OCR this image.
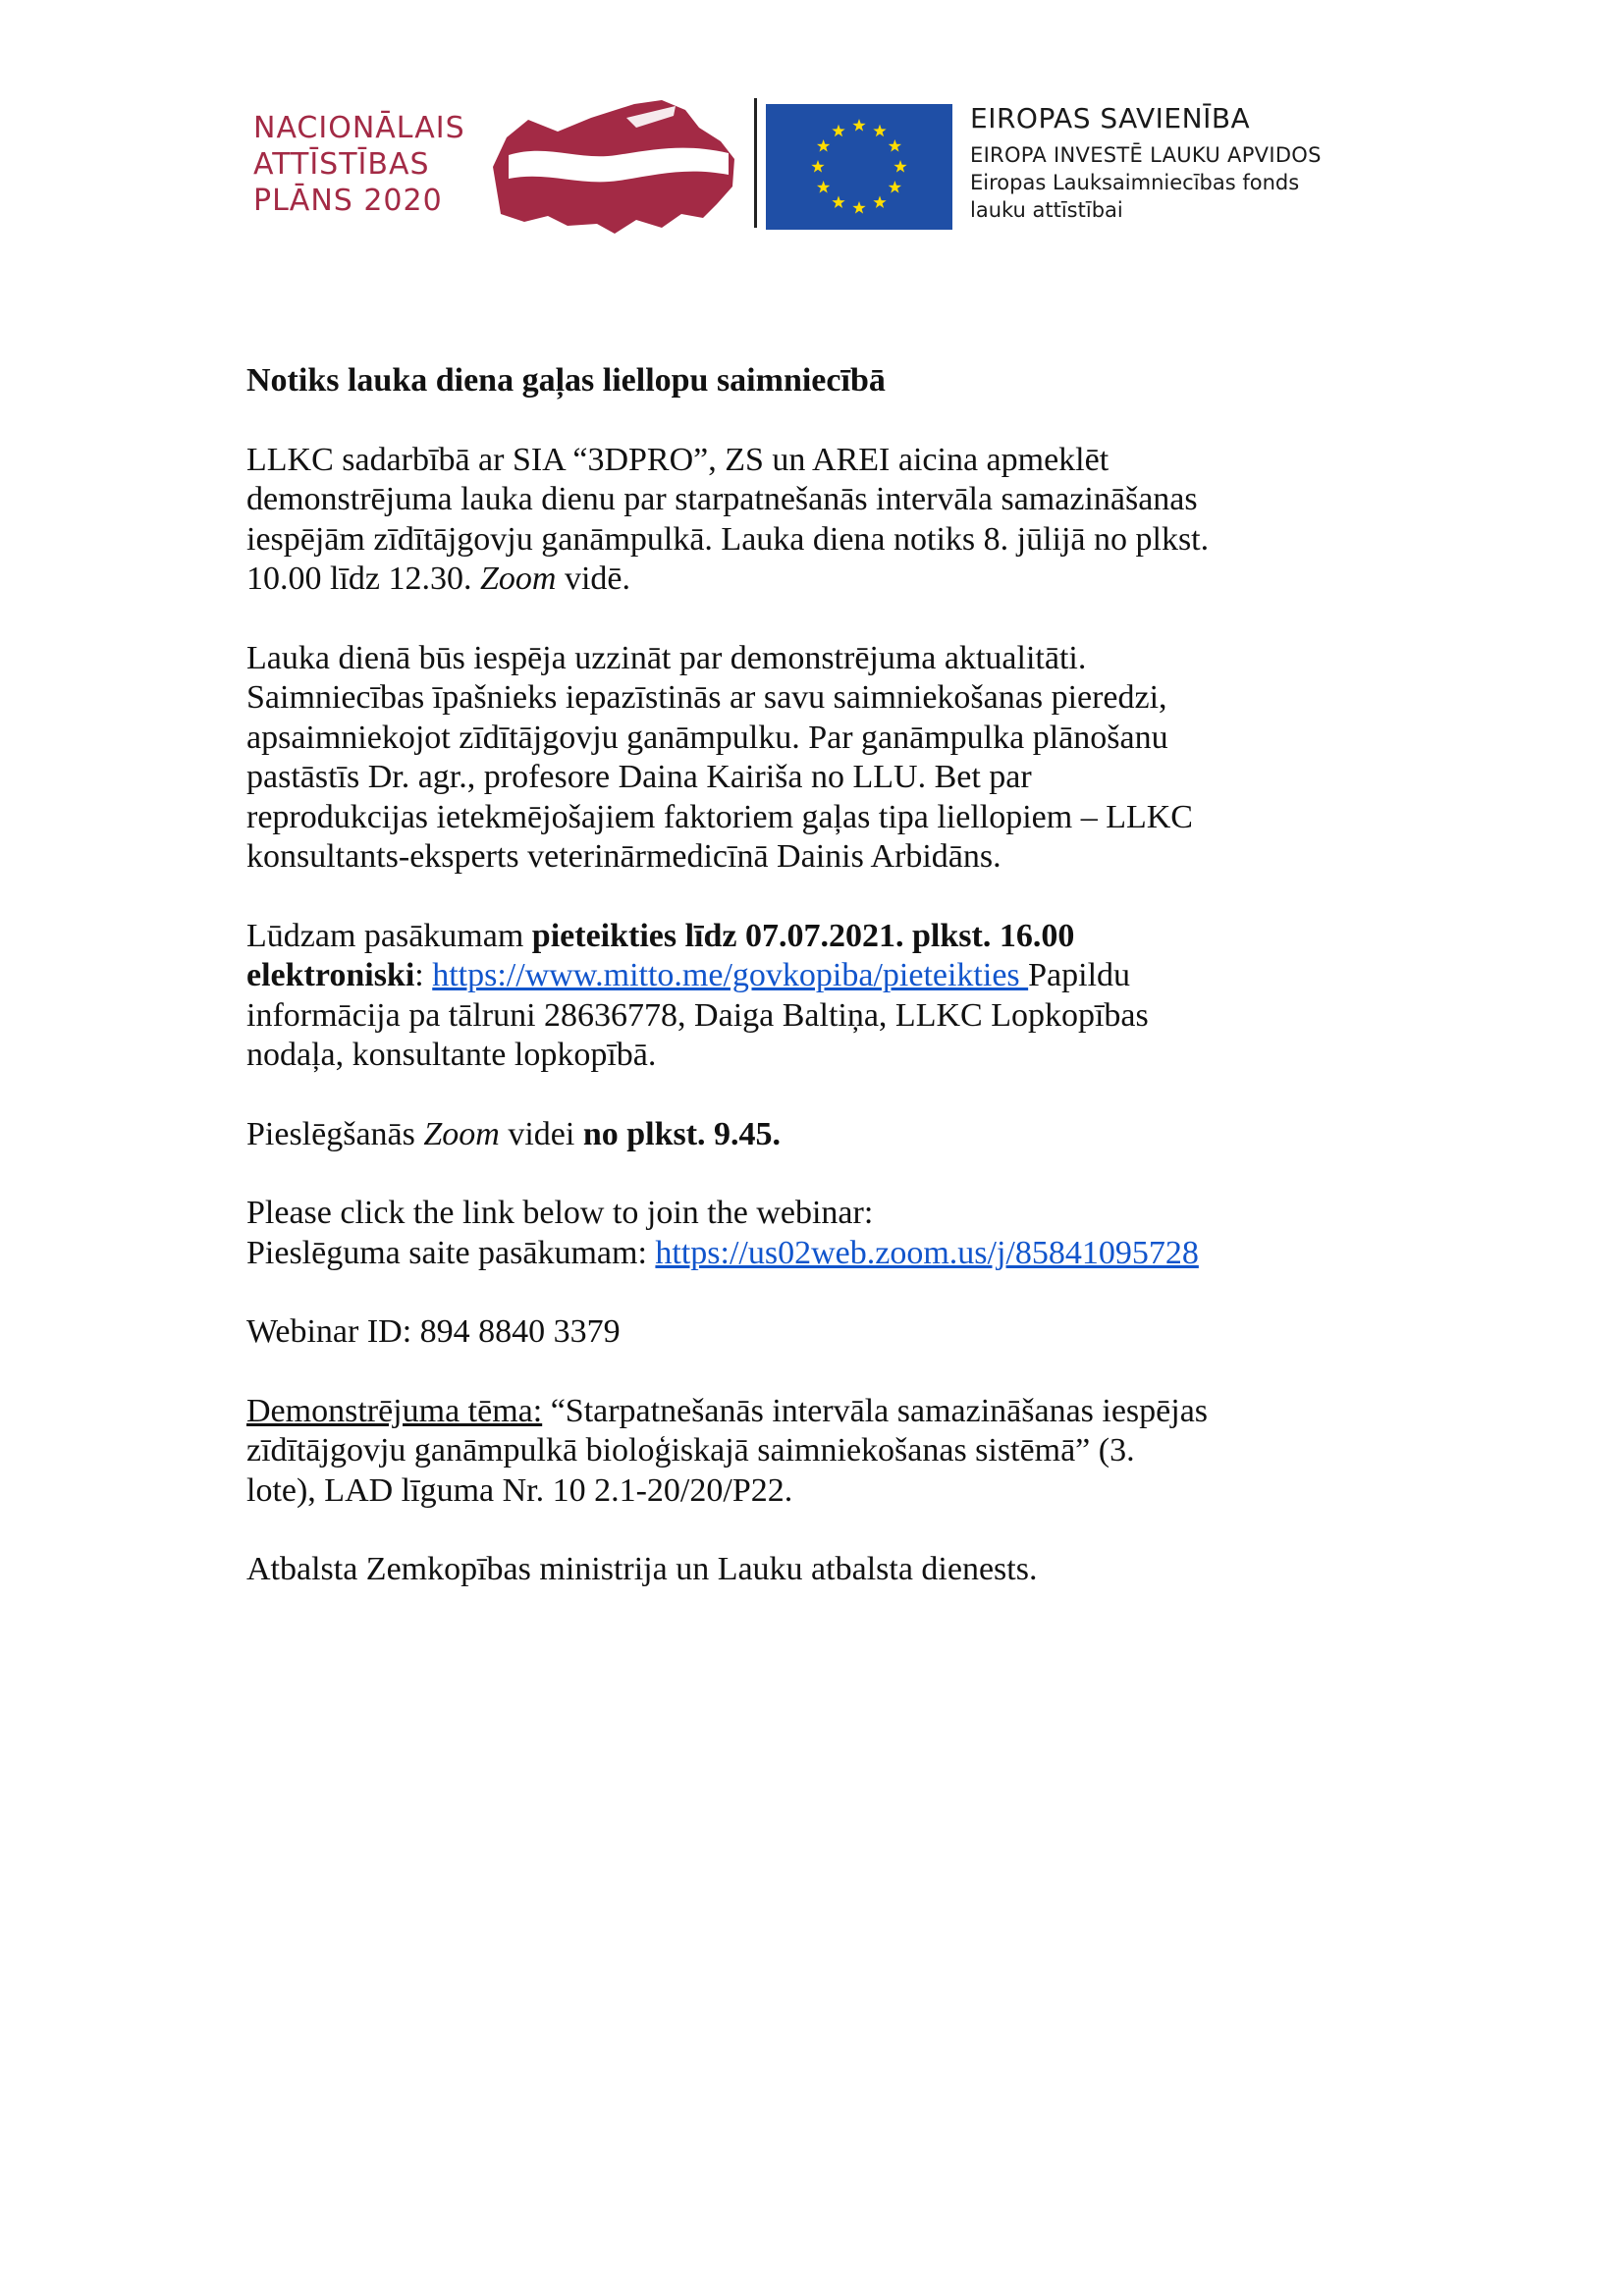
NACIONĀLAIS
ATTĪSTĪBAS
PLĀNS 2020
EIROPAS SAVIENĪBA
EIROPA INVESTĒ LAUKU APVIDOS
Eiropas Lauksaimniecības fonds
lauku attīstībai

Notiks lauka diena gaļas liellopu saimniecībā

LLKC sadarbībā ar SIA “3DPRO”, ZS un AREI aicina apmeklēt
demonstrējuma lauka dienu par starpatnešanās intervāla samazināšanas
iespējām zīdītājgovju ganāmpulkā. Lauka diena notiks 8. jūlijā no plkst.
10.00 līdz 12.30. Zoom vidē.

Lauka dienā būs iespēja uzzināt par demonstrējuma aktualitāti.
Saimniecības īpašnieks iepazīstinās ar savu saimniekošanas pieredzi,
apsaimniekojot zīdītājgovju ganāmpulku. Par ganāmpulka plānošanu
pastāstīs Dr. agr., profesore Daina Kairiša no LLU. Bet par
reprodukcijas ietekmējošajiem faktoriem gaļas tipa liellopiem – LLKC
konsultants-eksperts veterinārmedicīnā Dainis Arbidāns.

Lūdzam pasākumam pieteikties līdz 07.07.2021. plkst. 16.00
elektroniski: https://www.mitto.me/govkopiba/pieteikties Papildu
informācija pa tālruni 28636778, Daiga Baltiņa, LLKC Lopkopības
nodaļa, konsultante lopkopībā.

Pieslēgšanās Zoom videi no plkst. 9.45.

Please click the link below to join the webinar:
Pieslēguma saite pasākumam: https://us02web.zoom.us/j/85841095728

Webinar ID: 894 8840 3379

Demonstrējuma tēma: “Starpatnešanās intervāla samazināšanas iespējas
zīdītājgovju ganāmpulkā bioloģiskajā saimniekošanas sistēmā” (3.
lote), LAD līguma Nr. 10 2.1-20/20/P22.

Atbalsta Zemkopības ministrija un Lauku atbalsta dienests.
